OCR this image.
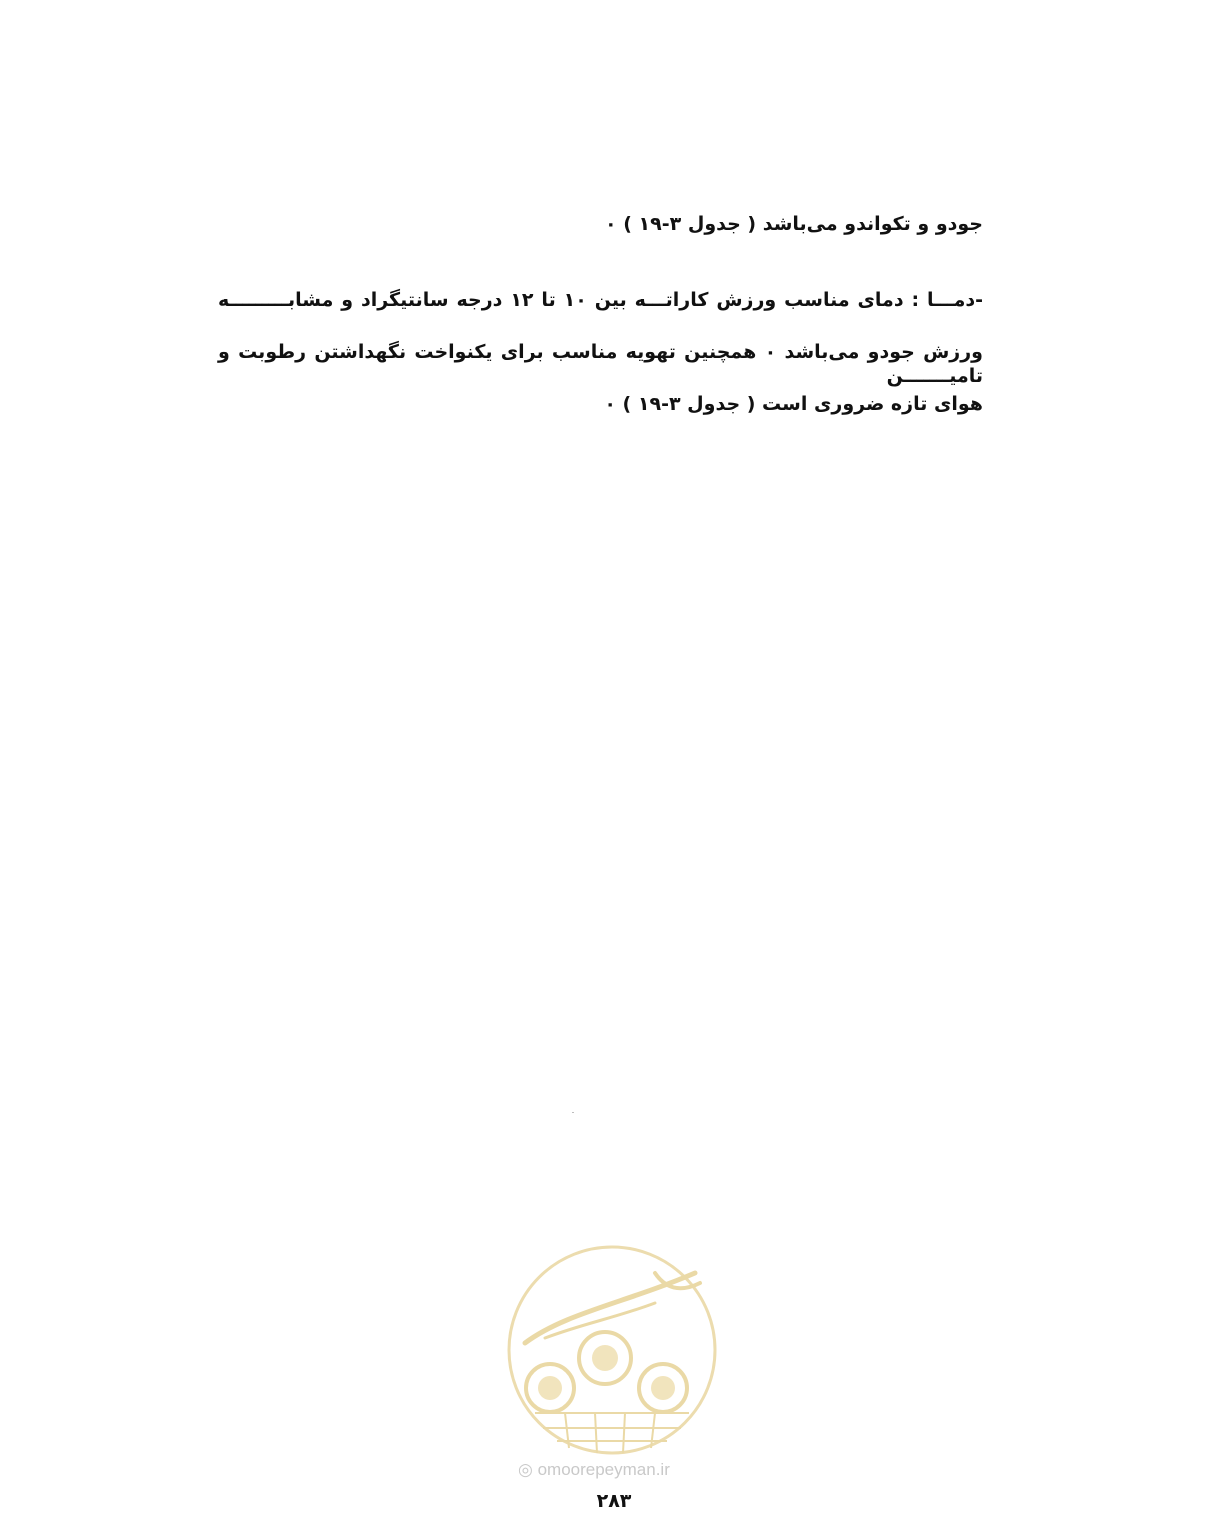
جودو و تکواندو می‌باشد ( جدول ۳-۱۹ ) ۰
-دمـــا : دمای مناسب ورزش کاراتـــه بین ۱۰ تا ۱۲ درجه سانتیگراد و مشابـــــــــه
ورزش جودو می‌باشد ۰ همچنین تهویه مناسب برای یکنواخت نگهداشتن رطوبت و تامیـــــــن
هوای تازه ضروری است ( جدول ۳-۱۹ ) ۰
◎ omoorepeyman.ir
۲۸۳
